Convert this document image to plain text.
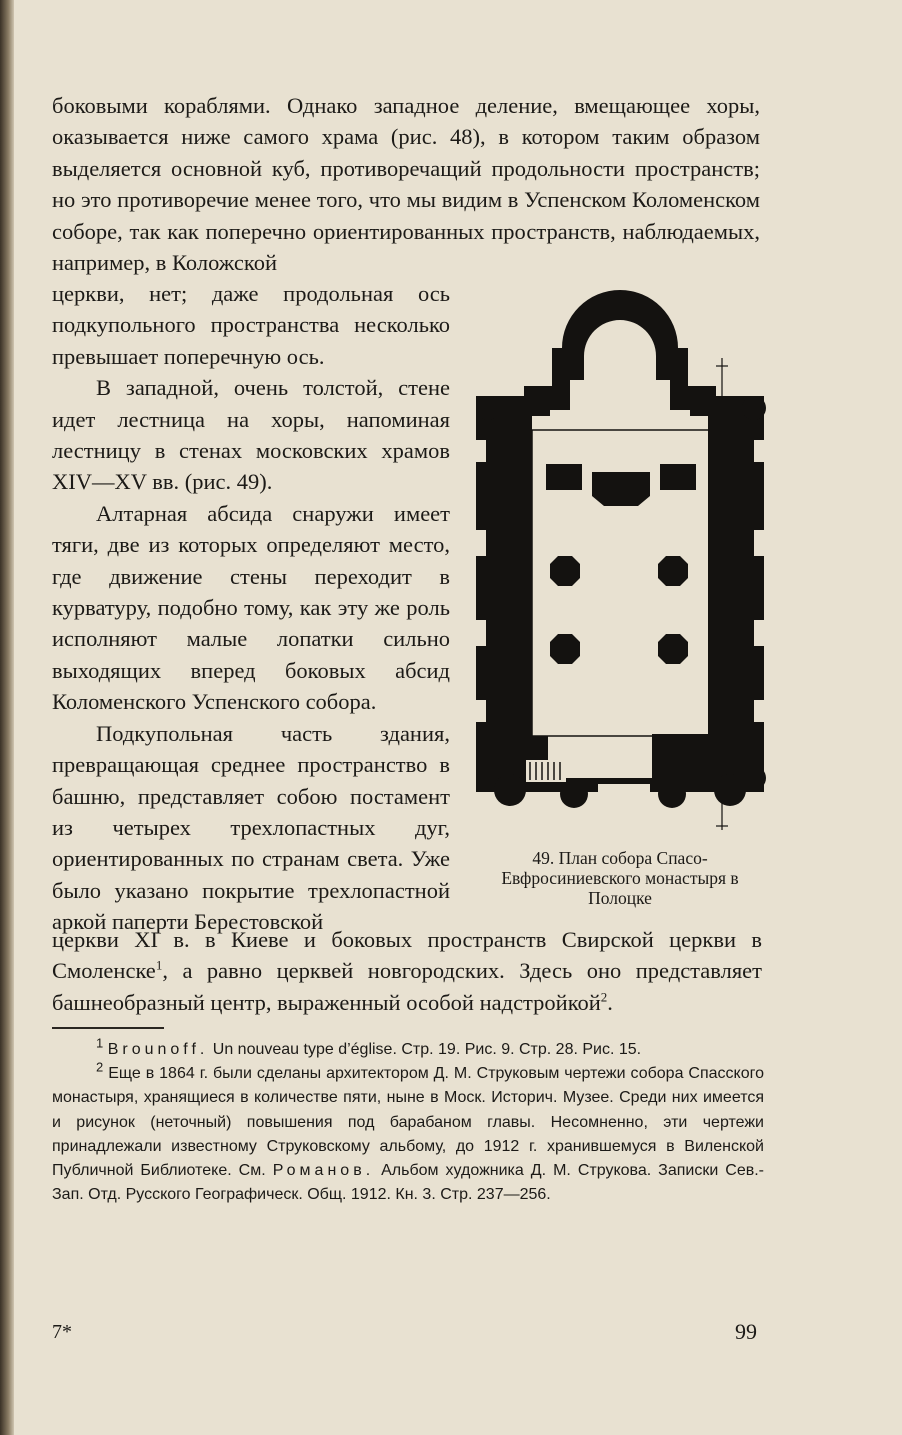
боковыми кораблями. Однако западное деление, вмещающее хоры, оказывается ниже самого храма (рис. 48), в котором таким образом выделяется основной куб, противоречащий продольности пространств; но это противоречие менее того, что мы видим в Успенском Коломенском соборе, так как поперечно ориентированных пространств, наблюдаемых, например, в Коложской

церкви, нет; даже продольная ось подкупольного пространства несколько превышает поперечную ось.

В западной, очень толстой, стене идет лестница на хоры, напоминая лестницу в стенах московских храмов XIV—XV вв. (рис. 49).

Алтарная абсида снаружи имеет тяги, две из которых определяют место, где движение стены переходит в курватуру, подобно тому, как эту же роль исполняют малые лопатки сильно выходящих вперед боковых абсид Коломенского Успенского собора.

Подкупольная часть здания, превращающая среднее пространство в башню, представляет собою постамент из четырех трехлопастных дуг, ориентированных по странам света. Уже было указано покрытие трехлопастной аркой паперти Берестовской

49. План собора Спасо-Евфросиниевского монастыря в Полоцке
церкви XI в. в Киеве и боковых пространств Свирской церкви в Смоленске$^1$, а равно церквей новгородских. Здесь оно представляет башнеобразный центр, выраженный особой надстройкой$^2$.

$^1$ Brounoff. Un nouveau type d’église. Стр. 19. Рис. 9. Стр. 28. Рис. 15.

$^2$ Еще в 1864 г. были сделаны архитектором Д. М. Струковым чертежи собора Спасского монастыря, хранящиеся в количестве пяти, ныне в Моск. Историч. Музее. Среди них имеется и рисунок (неточный) повышения под барабаном главы. Несомненно, эти чертежи принадлежали известному Струковскому альбому, до 1912 г. хранившемуся в Виленской Публичной Библиотеке. См. Романов. Альбом художника Д. М. Струкова. Записки Сев.-Зап. Отд. Русского Географическ. Общ. 1912. Кн. 3. Стр. 237—256.

7*	99
